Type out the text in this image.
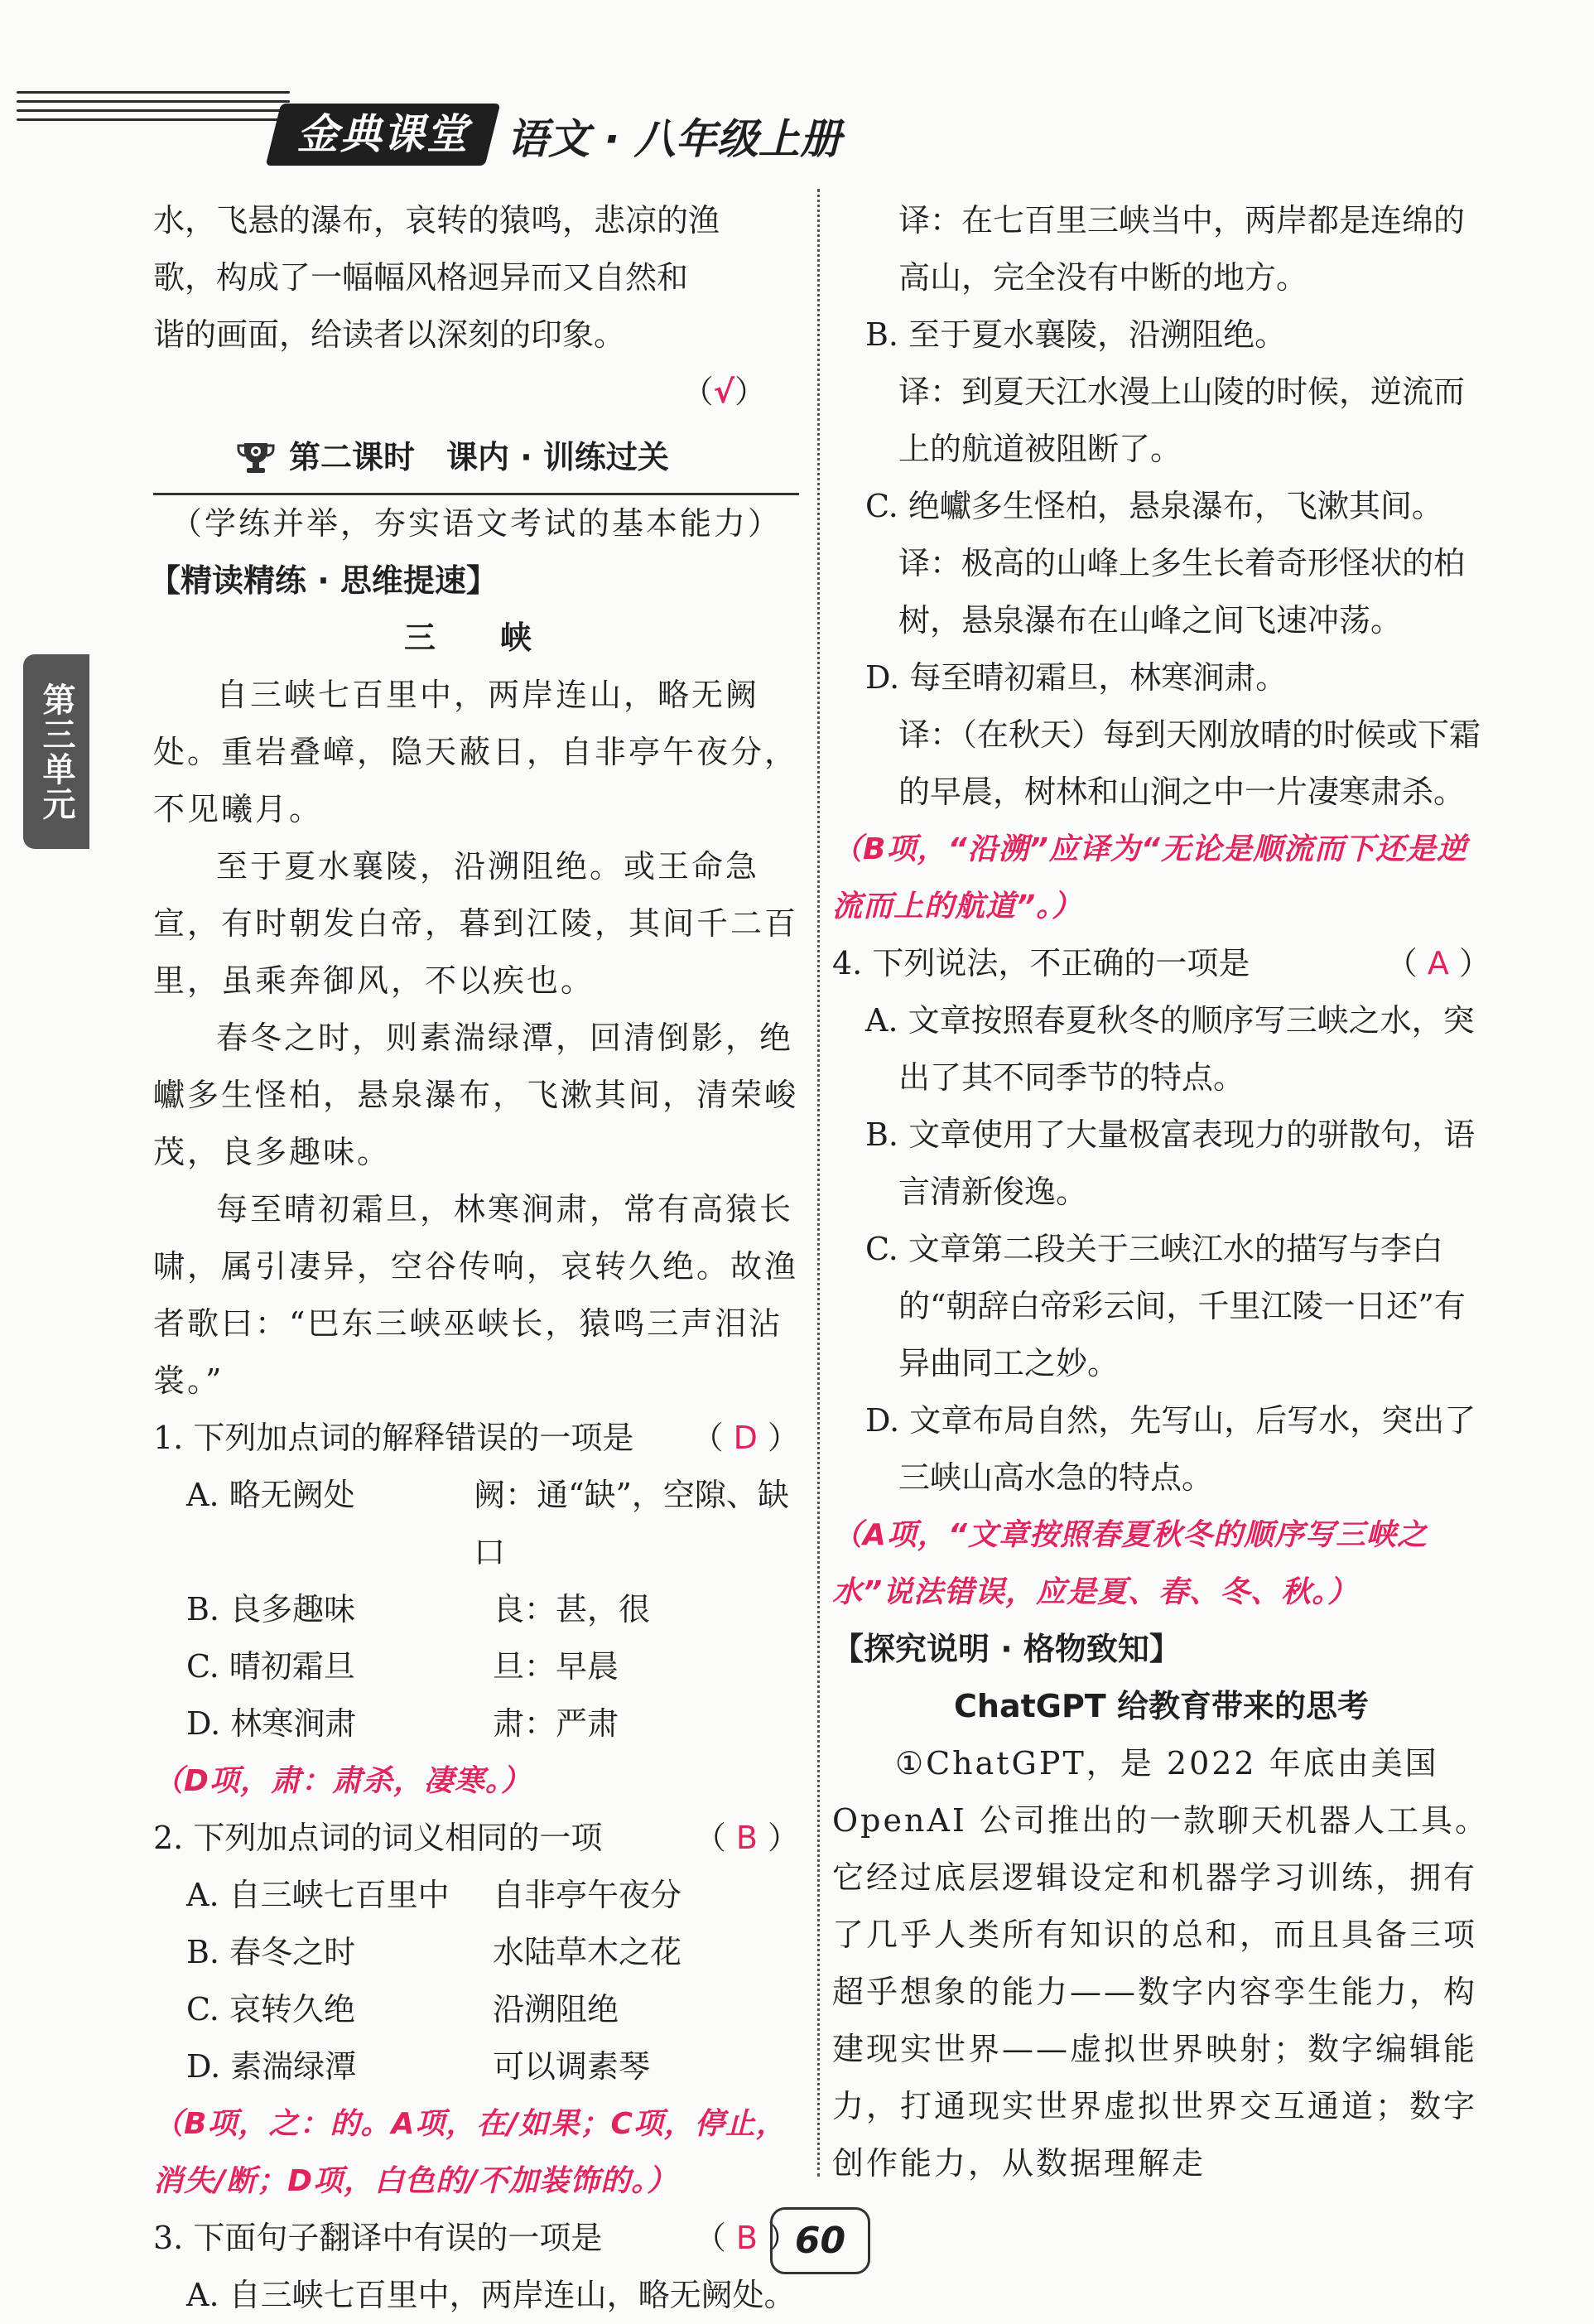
金典课堂 语文 · 八年级上册
第三单元

水，飞悬的瀑布，哀转的猿鸣，悲凉的渔

歌，构成了一幅幅风格迥异而又自然和

谐的画面，给读者以深刻的印象。

（√）

第二课时　课内 · 训练过关

（学练并举，夯实语文考试的基本能力）

【精读精练 · 思维提速】

三　峡

自三峡七百里中，两岸连山，略无阙处。重岩叠嶂，隐天蔽日，自非亭午夜分，不见曦月。

至于夏水襄陵，沿溯阻绝。或王命急宣，有时朝发白帝，暮到江陵，其间千二百里，虽乘奔御风，不以疾也。

春冬之时，则素湍绿潭，回清倒影，绝巘多生怪柏，悬泉瀑布，飞漱其间，清荣峻茂，良多趣味。

每至晴初霜旦，林寒涧肃，常有高猿长啸，属引凄异，空谷传响，哀转久绝。故渔者歌曰：“巴东三峡巫峡长，猿鸣三声泪沾裳。”

1. 下列加点词的解释错误的一项是 （ D ）
A. 略无阙处	阙：通“缺”，空隙、缺口
B. 良多趣味	良：甚，很
C. 晴初霜旦	旦：早晨
D. 林寒涧肃	肃：严肃

（D项，肃：肃杀，凄寒。）

2. 下列加点词的词义相同的一项	（ B ）
A. 自三峡七百里中	自非亭午夜分
B. 春冬之时	水陆草木之花
C. 哀转久绝	沿溯阻绝
D. 素湍绿潭	可以调素琴

（B项，之：的。A项，在/如果；C项，停止，消失/断；D项，白色的/不加装饰的。）

3. 下面句子翻译中有误的一项是	（ B ）

A. 自三峡七百里中，两岸连山，略无阙处。

译：在七百里三峡当中，两岸都是连绵的高山，完全没有中断的地方。

B. 至于夏水襄陵，沿溯阻绝。

译：到夏天江水漫上山陵的时候，逆流而上的航道被阻断了。

C. 绝巘多生怪柏，悬泉瀑布，飞漱其间。

译：极高的山峰上多生长着奇形怪状的柏树，悬泉瀑布在山峰之间飞速冲荡。

D. 每至晴初霜旦，林寒涧肃。

译：（在秋天）每到天刚放晴的时候或下霜的早晨，树林和山涧之中一片凄寒肃杀。

（B项，“沿溯”应译为“无论是顺流而下还是逆流而上的航道”。）

4. 下列说法，不正确的一项是	（ A ）

A. 文章按照春夏秋冬的顺序写三峡之水，突出了其不同季节的特点。

B. 文章使用了大量极富表现力的骈散句，语言清新俊逸。

C. 文章第二段关于三峡江水的描写与李白的“朝辞白帝彩云间，千里江陵一日还”有异曲同工之妙。

D. 文章布局自然，先写山，后写水，突出了三峡山高水急的特点。

（A项，“文章按照春夏秋冬的顺序写三峡之水”说法错误，应是夏、春、冬、秋。）

【探究说明 · 格物致知】

ChatGPT 给教育带来的思考

①ChatGPT，是 2022 年底由美国 OpenAI 公司推出的一款聊天机器人工具。它经过底层逻辑设定和机器学习训练，拥有了几乎人类所有知识的总和，而且具备三项超乎想象的能力——数字内容孪生能力，构建现实世界——虚拟世界映射；数字编辑能力，打通现实世界虚拟世界交互通道；数字创作能力，从数据理解走

60
